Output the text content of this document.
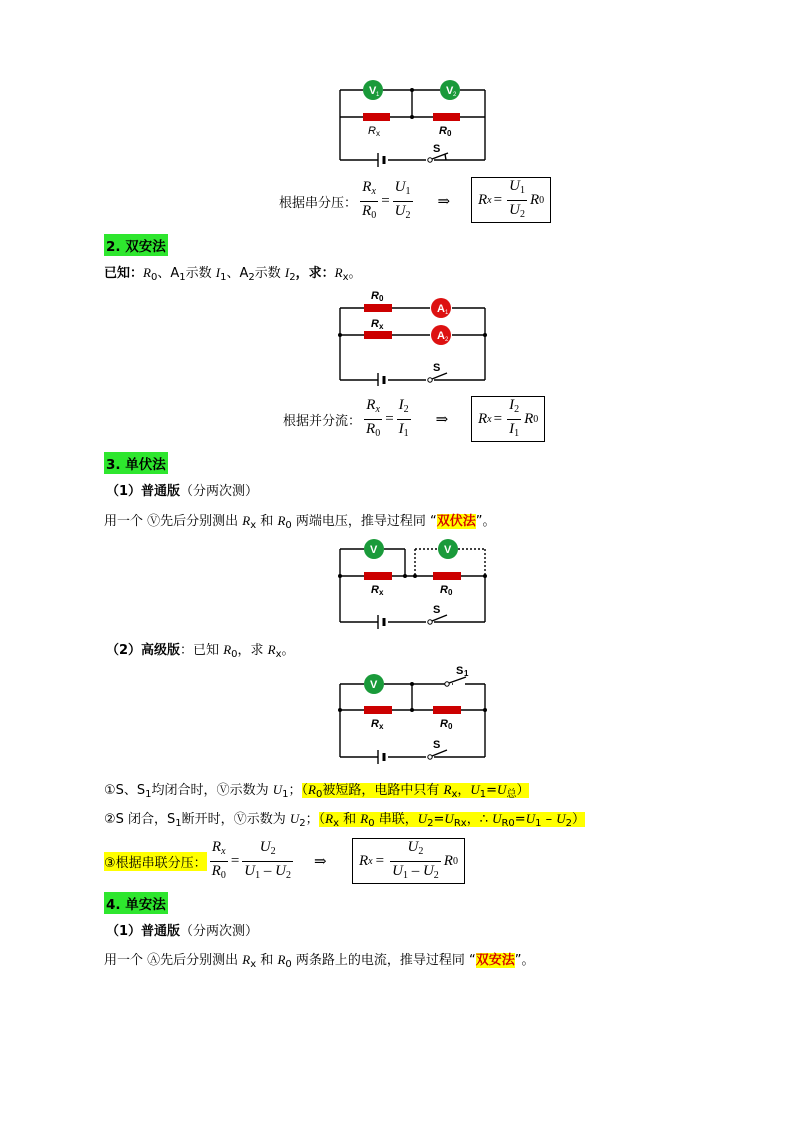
V 1	V 2
R x	R 0
S
根据串分压： $\frac{R_x}{R_0} = \frac{U_1}{U_2}$ ⇒ R $x = \frac{U_1}{U_2}$ R 0
2. 双安法
已知：$R_0$、$A_1$示数 $I_1$、$A_2$示数 $I_2$，求：$R_x$。
A 1
A 2
R 0
R x
S
根据并分流： $\frac{R_x}{R_0} = \frac{I_2}{I_1}$ ⇒ R $x = \frac{I_2}{I_1}$ R 0
3. 单伏法
（1）普通版（分两次测）
用一个 Ⓥ先后分别测出 $R_x$ 和 $R_0$ 两端电压，推导过程同 “双伏法”。
V	V
R x	R 0
S
（2）高级版：已知 $R_0$，求 $R_x$。
V
R x	R 0
S 1
S
①S、$S_1$均闭合时，Ⓥ示数为 $U_1$；（$R_0$被短路，电路中只有 $R_x$，$U_1=U_总$）
②S 闭合，$S_1$断开时，Ⓥ示数为 $U_2$；（$R_x$ 和 $R_0$ 串联，$U_2=U_{Rx}$，∴ $U_{R0}=U_1 - U_2$）
③根据串联分压： $\frac{R_x}{R_0} = \frac{U_2}{U_1 - U_2}$ ⇒ R $x = \frac{U_2}{U_1 - U_2}$ R 0
4. 单安法
（1）普通版（分两次测）
用一个 Ⓐ先后分别测出 $R_x$ 和 $R_0$ 两条路上的电流，推导过程同 “双安法”。
